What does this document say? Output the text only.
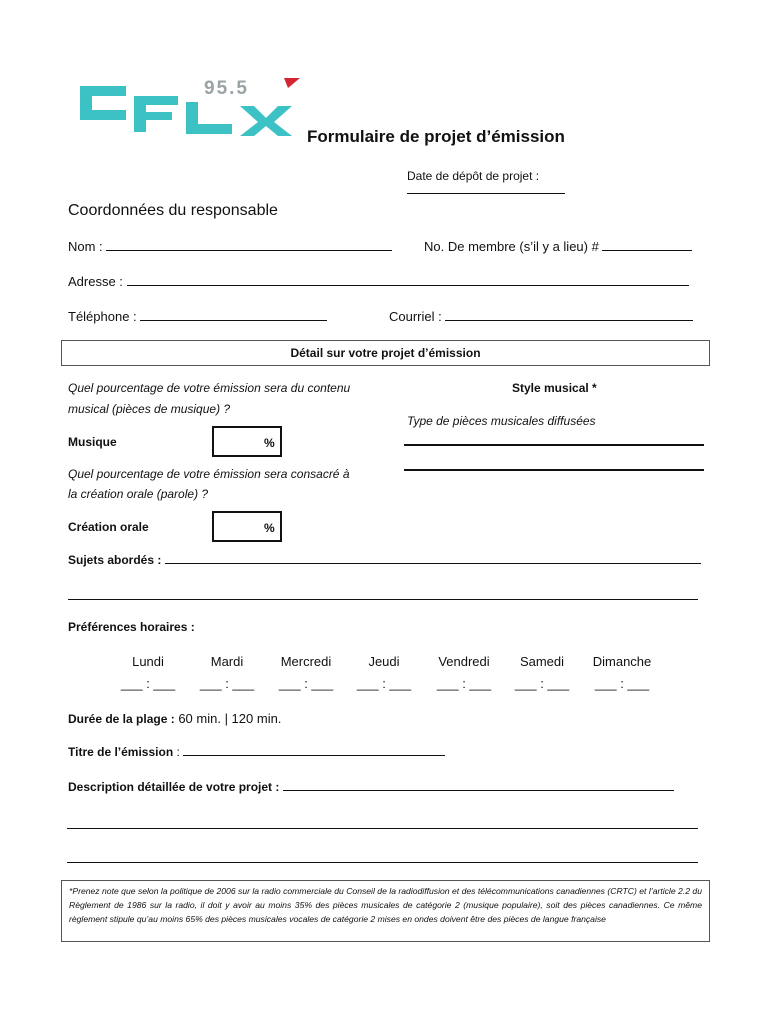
95.5
Formulaire de projet d’émission
Date de dépôt de projet :
Coordonnées du responsable
Nom :	No. De membre (s’il y a lieu) #
Adresse :
Téléphone :	Courriel :
Détail sur votre projet d’émission
Quel pourcentage de votre émission sera du contenu
musical (pièces de musique) ?
Musique	%
Style musical *
Type de pièces musicales diffusées
Quel pourcentage de votre émission sera consacré à
la création orale (parole) ?
Création orale	%
Sujets abordés :
Préférences horaires :
Lundi	Mardi	Mercredi	Jeudi	Vendredi	Samedi	Dimanche
___ : ___	___ : ___	___ : ___	___ : ___	___ : ___	___ : ___	___ : ___
Durée de la plage : 60 min. | 120 min.
Titre de l’émission :
Description détaillée de votre projet :
*Prenez note que selon la politique de 2006 sur la radio commerciale du Conseil de la radiodiffusion et des télécommunications canadiennes (CRTC) et l’article 2.2 du Règlement de 1986 sur la radio, il doit y avoir au moins 35% des pièces musicales de catégorie 2 (musique populaire), soit des pièces canadiennes. Ce même règlement stipule qu’au moins 65% des pièces musicales vocales de catégorie 2 mises en ondes doivent être des pièces de langue française
